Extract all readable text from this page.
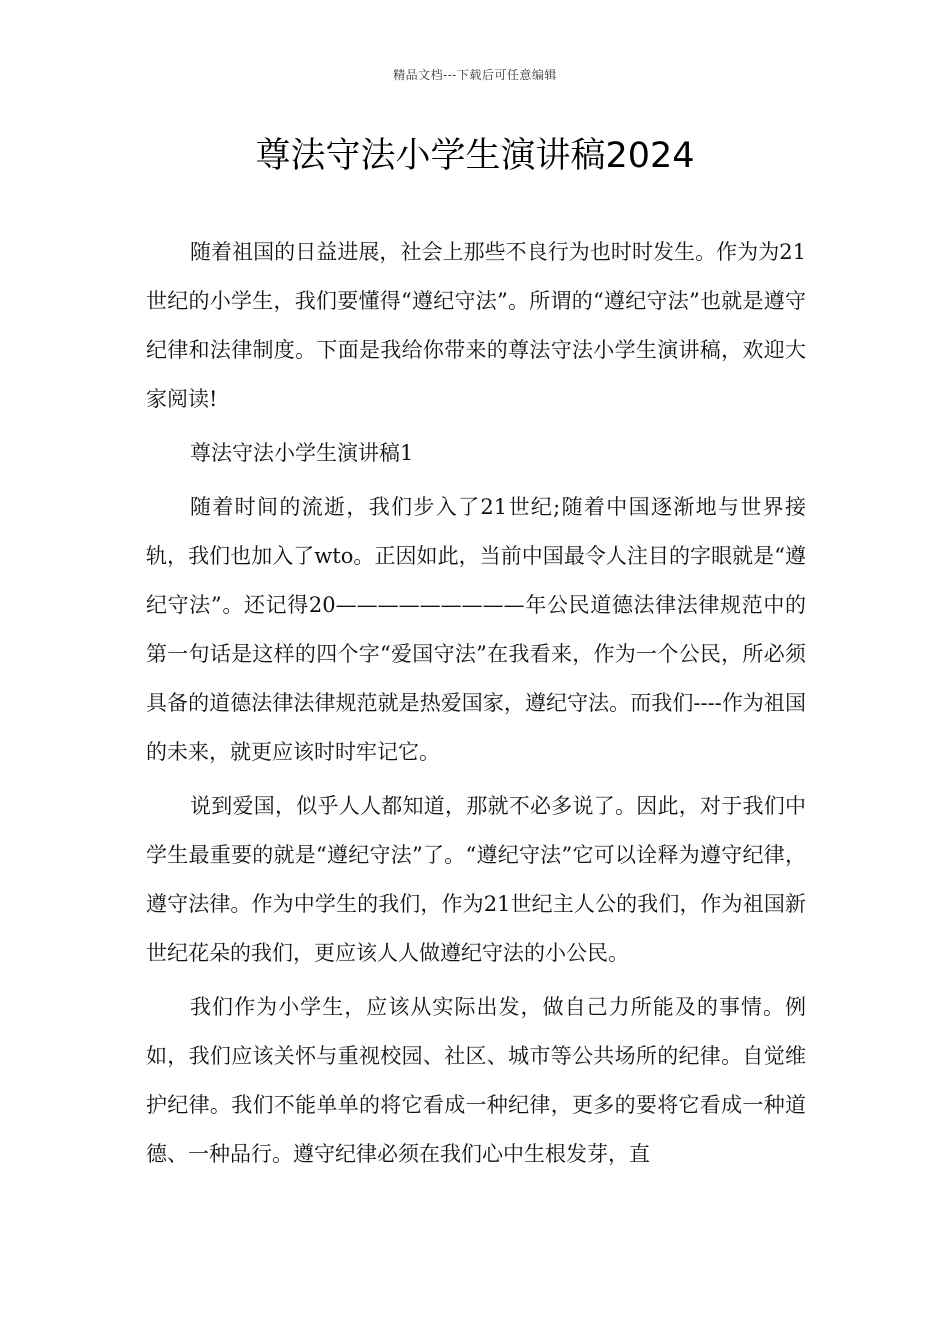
精品文档---下载后可任意编辑
尊法守法小学生演讲稿2024

随着祖国的日益进展，社会上那些不良行为也时时发生。作为为21世纪的小学生，我们要懂得“遵纪守法”。所谓的“遵纪守法”也就是遵守纪律和法律制度。下面是我给你带来的尊法守法小学生演讲稿，欢迎大家阅读!

尊法守法小学生演讲稿1

随着时间的流逝，我们步入了21世纪;随着中国逐渐地与世界接轨，我们也加入了wto。正因如此，当前中国最令人注目的字眼就是“遵纪守法”。还记得20—————————年公民道德法律法律规范中的第一句话是这样的四个字“爱国守法”在我看来，作为一个公民，所必须具备的道德法律法律规范就是热爱国家，遵纪守法。而我们----作为祖国的未来，就更应该时时牢记它。

说到爱国，似乎人人都知道，那就不必多说了。因此，对于我们中学生最重要的就是“遵纪守法”了。“遵纪守法”它可以诠释为遵守纪律，遵守法律。作为中学生的我们，作为21世纪主人公的我们，作为祖国新世纪花朵的我们，更应该人人做遵纪守法的小公民。

我们作为小学生，应该从实际出发，做自己力所能及的事情。例如，我们应该关怀与重视校园、社区、城市等公共场所的纪律。自觉维护纪律。我们不能单单的将它看成一种纪律，更多的要将它看成一种道德、一种品行。遵守纪律必须在我们心中生根发芽，直
